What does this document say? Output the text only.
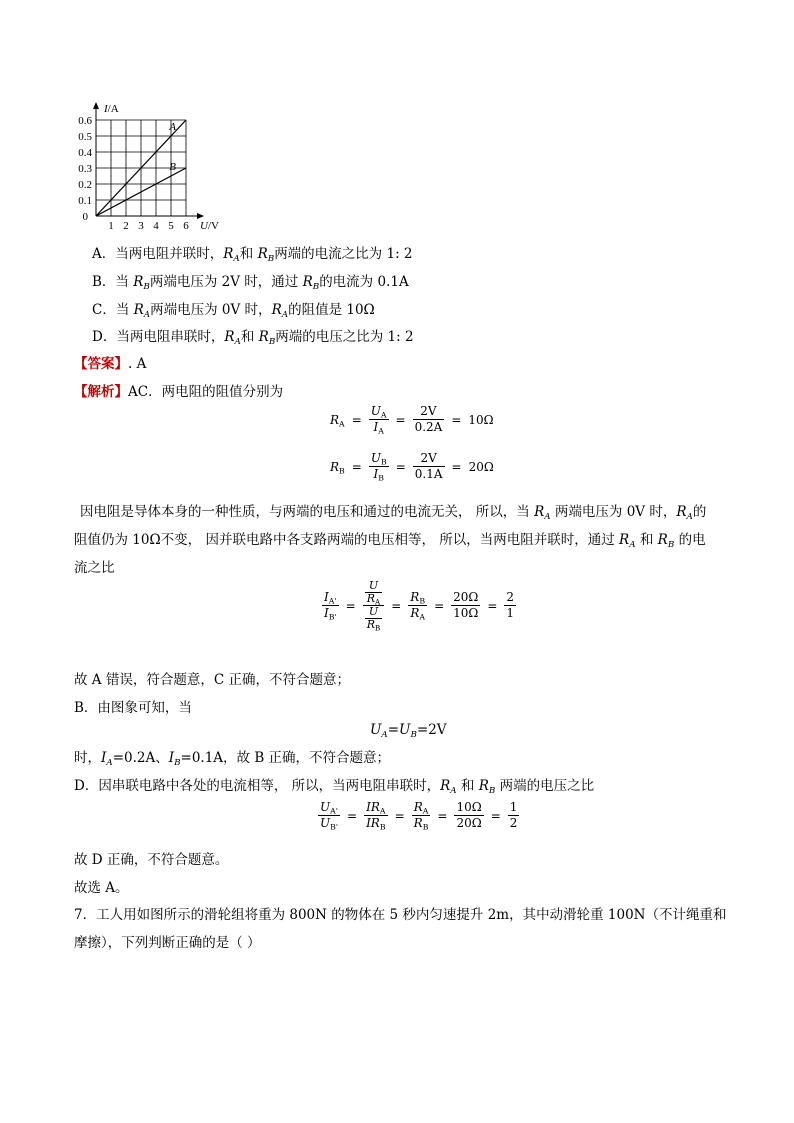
1 2 3 4 5 6
0.1
0.2
0.3
0.4
0.5
0.6
0
I/A
U/V
A
B
A．当两电阻并联时，$R_A$和 $R_B$两端的电流之比为 1: 2
B．当 $R_B$两端电压为 2V 时，通过 $R_B$的电流为 0.1A
C．当 $R_A$两端电压为 0V 时，$R_A$的阻值是 10Ω
D．当两电阻串联时，$R_A$和 $R_B$两端的电压之比为 1: 2
【答案】. A
【解析】AC．两电阻的阻值分别为
$R_A = \frac{U_A}{I_A} = \frac{2V}{0.2A} = 10\Omega$
$R_B = \frac{U_B}{I_B} = \frac{2V}{0.1A} = 20\Omega$
因电阻是导体本身的一种性质，与两端的电压和通过的电流无关， 所以，当 $R_A$ 两端电压为 0V 时，$R_A$的
阻值仍为 10Ω不变， 因并联电路中各支路两端的电压相等， 所以，当两电阻并联时，通过 $R_A$ 和 $R_B$ 的电
流之比
$\frac{I_{A'}}{I_{B'}} = \frac{\frac{U}{R_A}}{\frac{U}{R_B}} = \frac{R_B}{R_A} = \frac{20\Omega}{10\Omega} = \frac{2}{1}$
故 A 错误，符合题意，C 正确，不符合题意；
B．由图象可知，当
$U_A=U_B=2V$
时，$I_A=0.2A$、$I_B=0.1A$，故 B 正确，不符合题意；
D．因串联电路中各处的电流相等， 所以，当两电阻串联时，$R_A$ 和 $R_B$ 两端的电压之比
$\frac{U_{A'}}{U_{B'}} = \frac{IR_A}{IR_B} = \frac{R_A}{R_B} = \frac{10\Omega}{20\Omega} = \frac{1}{2}$
故 D 正确，不符合题意。
故选 A。
7．工人用如图所示的滑轮组将重为 800N 的物体在 5 秒内匀速提升 2m，其中动滑轮重 100N（不计绳重和
摩擦），下列判断正确的是（ ）
